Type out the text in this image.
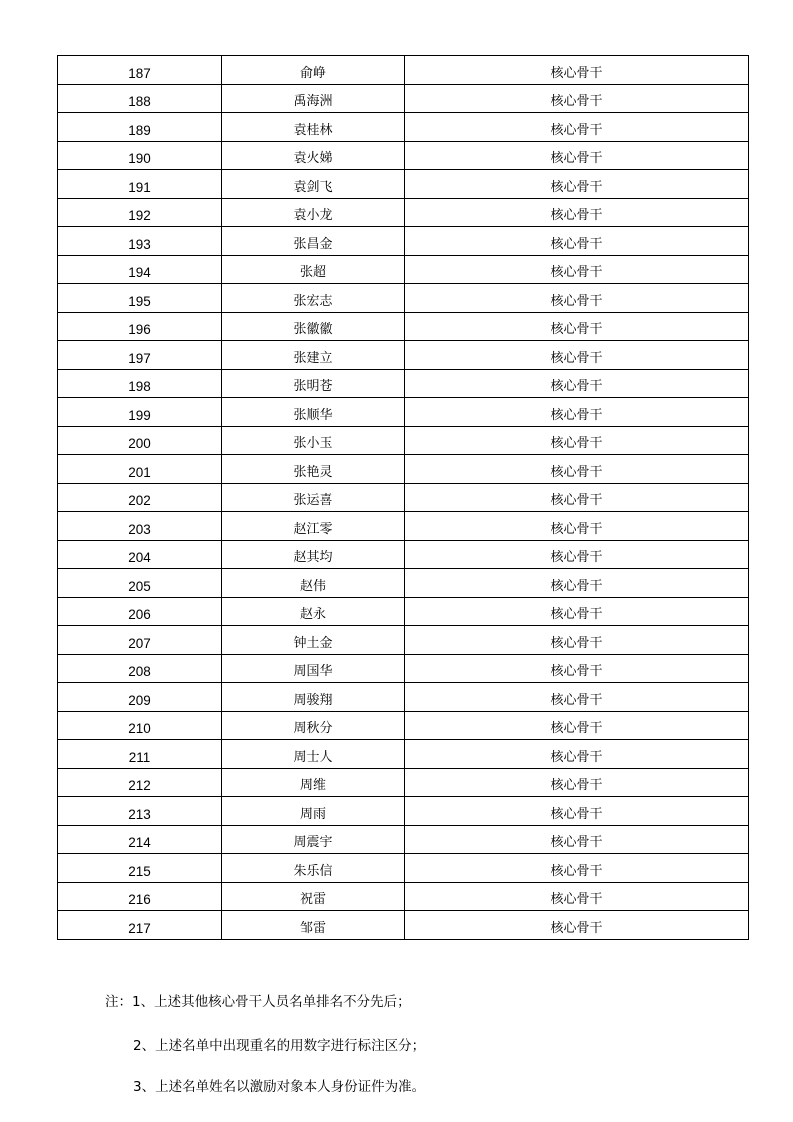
187	俞峥	核心骨干
188	禹海洲	核心骨干
189	袁桂林	核心骨干
190	袁火娣	核心骨干
191	袁剑飞	核心骨干
192	袁小龙	核心骨干
193	张昌金	核心骨干
194	张超	核心骨干
195	张宏志	核心骨干
196	张徽徽	核心骨干
197	张建立	核心骨干
198	张明苍	核心骨干
199	张顺华	核心骨干
200	张小玉	核心骨干
201	张艳灵	核心骨干
202	张运喜	核心骨干
203	赵江零	核心骨干
204	赵其均	核心骨干
205	赵伟	核心骨干
206	赵永	核心骨干
207	钟土金	核心骨干
208	周国华	核心骨干
209	周骏翔	核心骨干
210	周秋分	核心骨干
211	周士人	核心骨干
212	周维	核心骨干
213	周雨	核心骨干
214	周震宇	核心骨干
215	朱乐信	核心骨干
216	祝雷	核心骨干
217	邹雷	核心骨干
注：1、上述其他核心骨干人员名单排名不分先后；
2、上述名单中出现重名的用数字进行标注区分；
3、上述名单姓名以激励对象本人身份证件为准。
